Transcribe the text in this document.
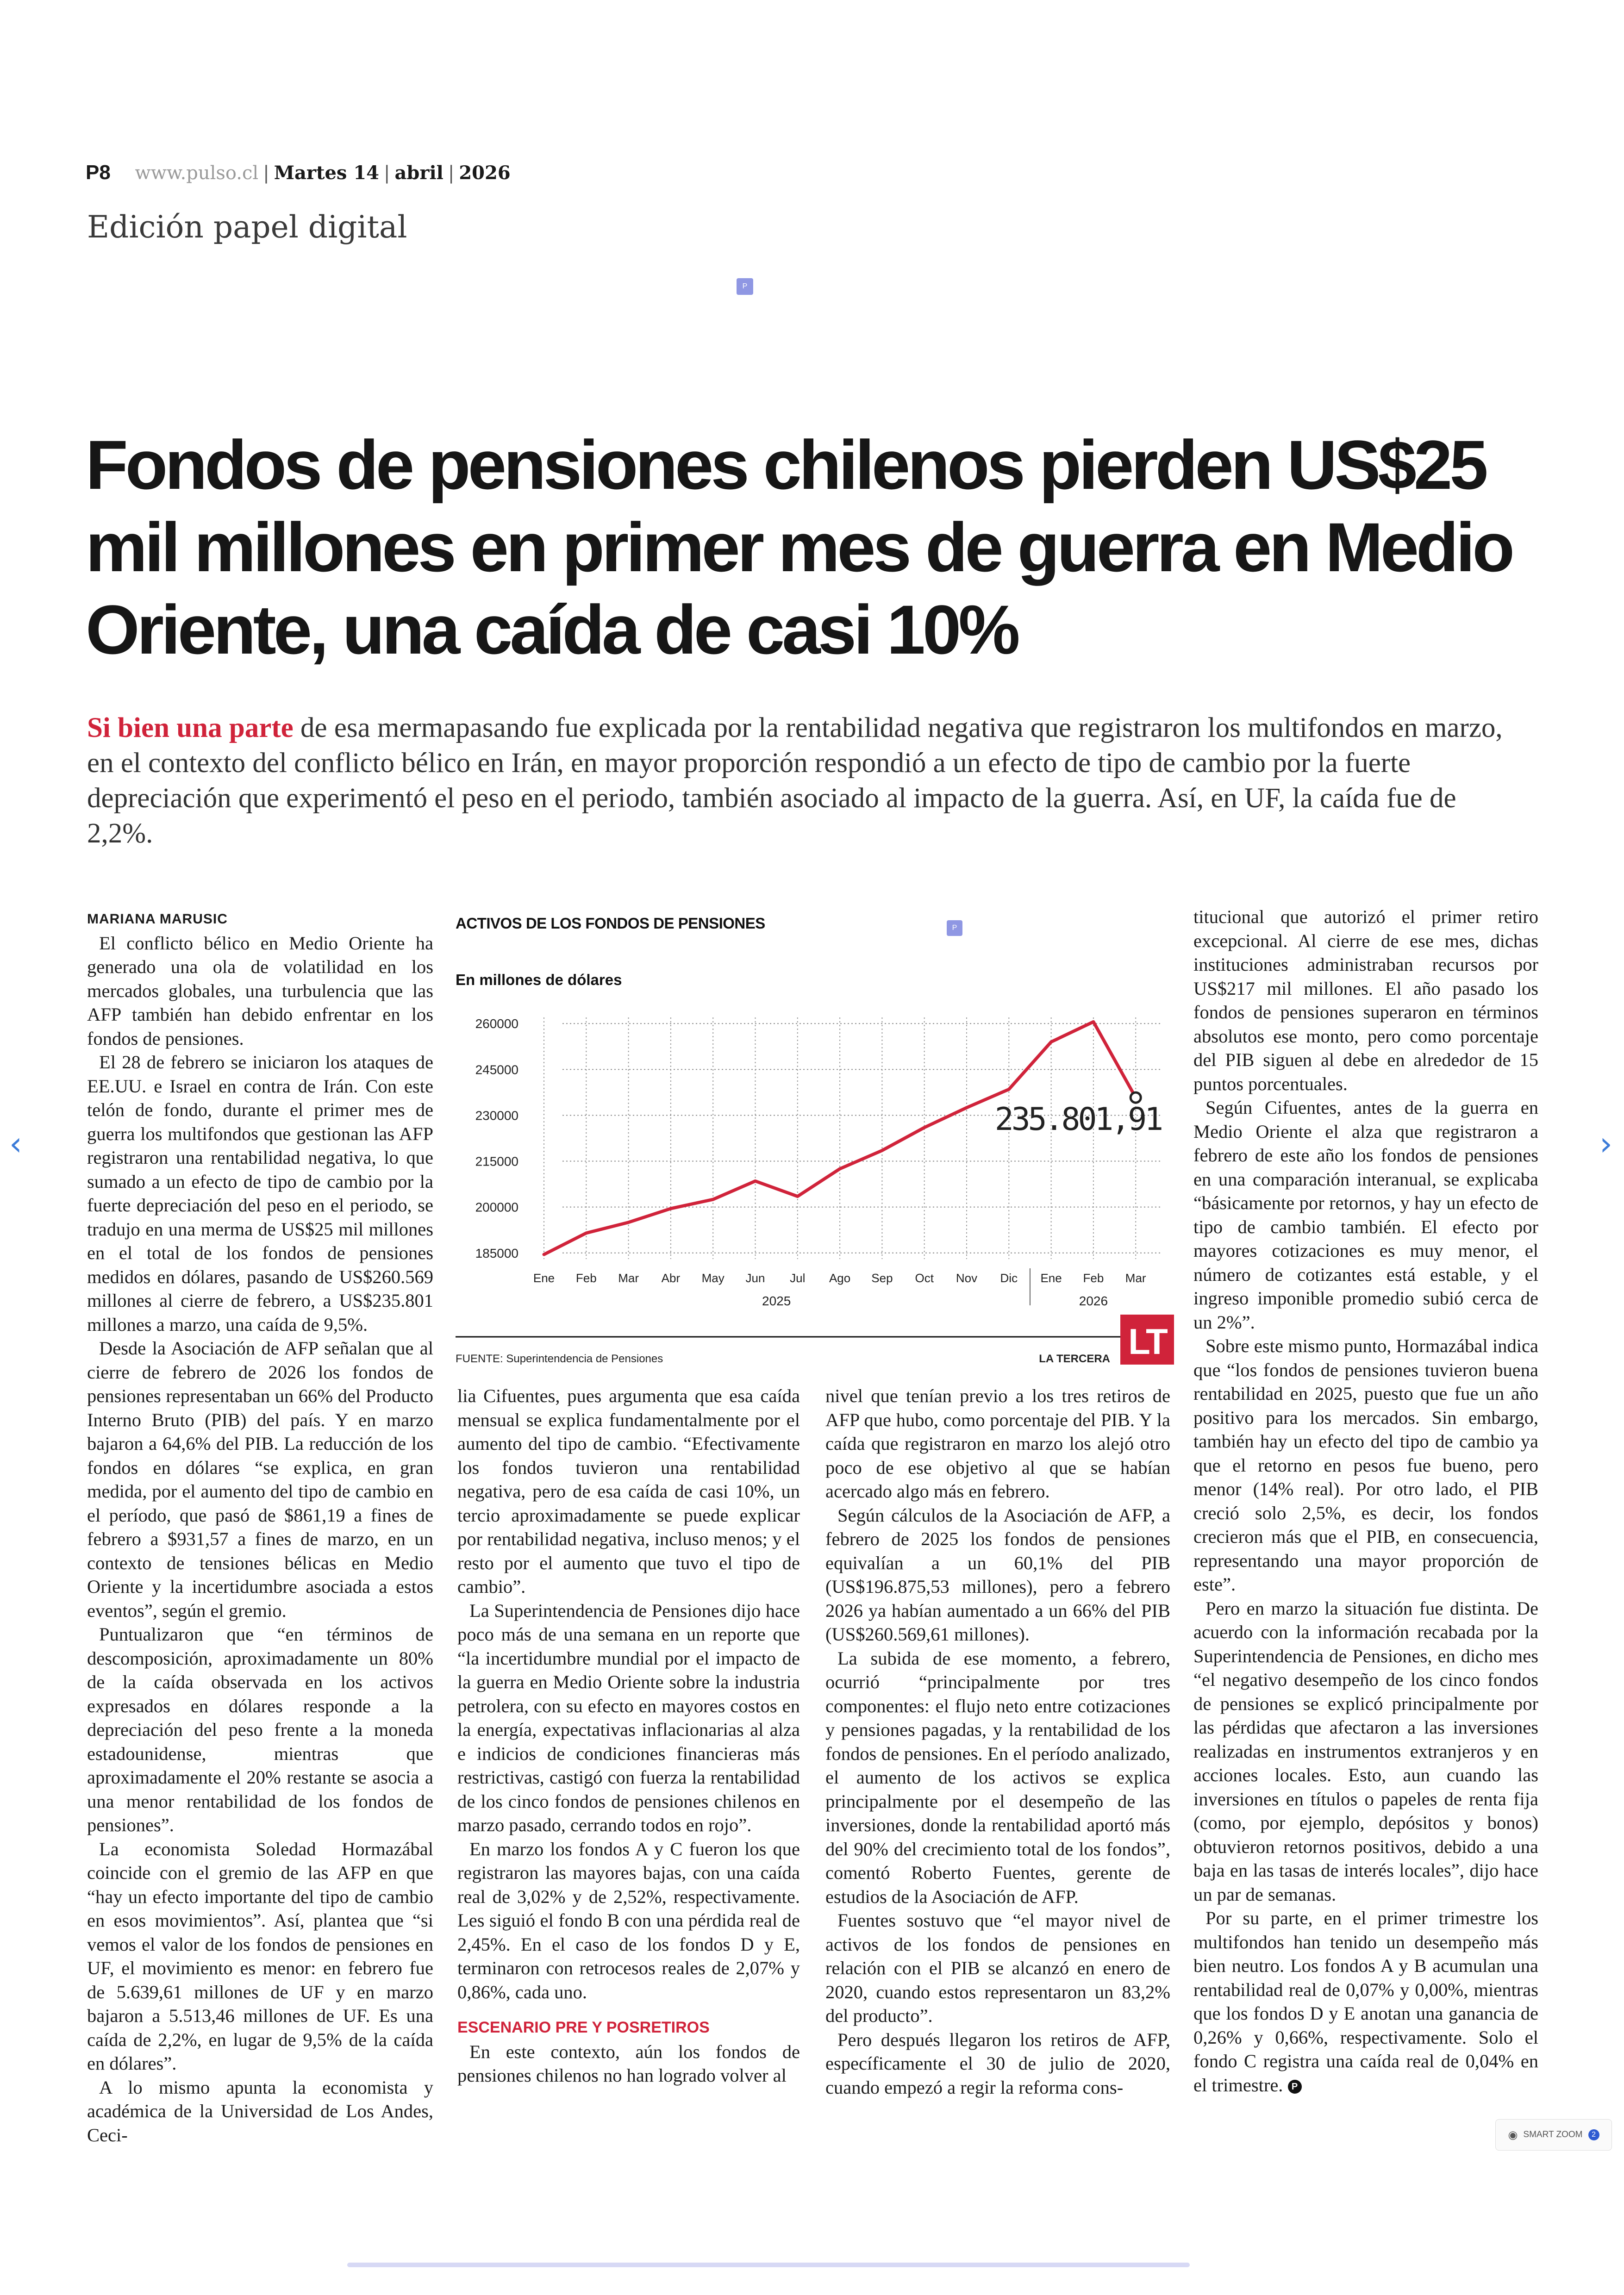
P8 www.pulso.cl | Martes 14 | abril | 2026
Edición papel digital
P
Fondos de pensiones chilenos pierden US$25 mil millones en primer mes de guerra en Medio Oriente, una caída de casi 10%
Si bien una parte de esa mermapasando fue explicada por la rentabilidad negativa que registraron los multifondos en marzo, en el contexto del conflicto bélico en Irán, en mayor proporción respondió a un efecto de tipo de cambio por la fuerte depreciación que experimentó el peso en el periodo, también asociado al impacto de la guerra. Así, en UF, la caída fue de 2,2%.

MARIANA MARUSIC

El conflicto bélico en Medio Oriente ha generado una ola de volatilidad en los mercados globales, una turbulencia que las AFP también han debido enfrentar en los fondos de pensiones.

El 28 de febrero se iniciaron los ataques de EE.UU. e Israel en contra de Irán. Con este telón de fondo, durante el primer mes de guerra los multifondos que gestionan las AFP registraron una rentabilidad negativa, lo que sumado a un efecto de tipo de cambio por la fuerte depreciación del peso en el periodo, se tradujo en una merma de US$25 mil millones en el total de los fondos de pensiones medidos en dólares, pasando de US$260.569 millones al cierre de febrero, a US$235.801 millones a marzo, una caída de 9,5%.

Desde la Asociación de AFP señalan que al cierre de febrero de 2026 los fondos de pensiones representaban un 66% del Producto Interno Bruto (PIB) del país. Y en marzo bajaron a 64,6% del PIB. La reducción de los fondos en dólares “se explica, en gran medida, por el aumento del tipo de cambio en el período, que pasó de $861,19 a fines de febrero a $931,57 a fines de marzo, en un contexto de tensiones bélicas en Medio Oriente y la incertidumbre asociada a estos eventos”, según el gremio.

Puntualizaron que “en términos de descomposición, aproximadamente un 80% de la caída observada en los activos expresados en dólares responde a la depreciación del peso frente a la moneda estadounidense, mientras que aproximadamente el 20% restante se asocia a una menor rentabilidad de los fondos de pensiones”.

La economista Soledad Hormazábal coincide con el gremio de las AFP en que “hay un efecto importante del tipo de cambio en esos movimientos”. Así, plantea que “si vemos el valor de los fondos de pensiones en UF, el movimiento es menor: en febrero fue de 5.639,61 millones de UF y en marzo bajaron a 5.513,46 millones de UF. Es una caída de 2,2%, en lugar de 9,5% de la caída en dólares”.

A lo mismo apunta la economista y académica de la Universidad de Los Andes, Ceci-

P
ACTIVOS DE LOS FONDOS DE PENSIONES
En millones de dólares
185000
200000
215000
230000
245000
260000
Ene Feb Mar Abr May Jun Jul Ago Sep Oct Nov Dic Ene Feb Mar
235.801,91
2025	2026
FUENTE: Superintendencia de Pensiones	LA TERCERA LT

lia Cifuentes, pues argumenta que esa caída mensual se explica fundamentalmente por el aumento del tipo de cambio. “Efectivamente los fondos tuvieron una rentabilidad negativa, pero de esa caída de casi 10%, un tercio aproximadamente se puede explicar por rentabilidad negativa, incluso menos; y el resto por el aumento que tuvo el tipo de cambio”.

La Superintendencia de Pensiones dijo hace poco más de una semana en un reporte que “la incertidumbre mundial por el impacto de la guerra en Medio Oriente sobre la industria petrolera, con su efecto en mayores costos en la energía, expectativas inflacionarias al alza e indicios de condiciones financieras más restrictivas, castigó con fuerza la rentabilidad de los cinco fondos de pensiones chilenos en marzo pasado, cerrando todos en rojo”.

En marzo los fondos A y C fueron los que registraron las mayores bajas, con una caída real de 3,02% y de 2,52%, respectivamente. Les siguió el fondo B con una pérdida real de 2,45%. En el caso de los fondos D y E, terminaron con retrocesos reales de 2,07% y 0,86%, cada uno.

ESCENARIO PRE Y POSRETIROS

En este contexto, aún los fondos de pensiones chilenos no han logrado volver al

nivel que tenían previo a los tres retiros de AFP que hubo, como porcentaje del PIB. Y la caída que registraron en marzo los alejó otro poco de ese objetivo al que se habían acercado algo más en febrero.

Según cálculos de la Asociación de AFP, a febrero de 2025 los fondos de pensiones equivalían a un 60,1% del PIB (US$196.875,53 millones), pero a febrero 2026 ya habían aumentado a un 66% del PIB (US$260.569,61 millones).

La subida de ese momento, a febrero, ocurrió “principalmente por tres componentes: el flujo neto entre cotizaciones y pensiones pagadas, y la rentabilidad de los fondos de pensiones. En el período analizado, el aumento de los activos se explica principalmente por el desempeño de las inversiones, donde la rentabilidad aportó más del 90% del crecimiento total de los fondos”, comentó Roberto Fuentes, gerente de estudios de la Asociación de AFP.

Fuentes sostuvo que “el mayor nivel de activos de los fondos de pensiones en relación con el PIB se alcanzó en enero de 2020, cuando estos representaron un 83,2% del producto”.

Pero después llegaron los retiros de AFP, específicamente el 30 de julio de 2020, cuando empezó a regir la reforma cons-

titucional que autorizó el primer retiro excepcional. Al cierre de ese mes, dichas instituciones administraban recursos por US$217 mil millones. El año pasado los fondos de pensiones superaron en términos absolutos ese monto, pero como porcentaje del PIB siguen al debe en alrededor de 15 puntos porcentuales.

Según Cifuentes, antes de la guerra en Medio Oriente el alza que registraron a febrero de este año los fondos de pensiones en una comparación interanual, se explicaba “básicamente por retornos, y hay un efecto de tipo de cambio también. El efecto por mayores cotizaciones es muy menor, el número de cotizantes está estable, y el ingreso imponible promedio subió cerca de un 2%”.

Sobre este mismo punto, Hormazábal indica que “los fondos de pensiones tuvieron buena rentabilidad en 2025, puesto que fue un año positivo para los mercados. Sin embargo, también hay un efecto del tipo de cambio ya que el retorno en pesos fue bueno, pero menor (14% real). Por otro lado, el PIB creció solo 2,5%, es decir, los fondos crecieron más que el PIB, en consecuencia, representando una mayor proporción de este”.

Pero en marzo la situación fue distinta. De acuerdo con la información recabada por la Superintendencia de Pensiones, en dicho mes “el negativo desempeño de los cinco fondos de pensiones se explicó principalmente por las pérdidas que afectaron a las inversiones realizadas en instrumentos extranjeros y en acciones locales. Esto, aun cuando las inversiones en títulos o papeles de renta fija (como, por ejemplo, depósitos y bonos) obtuvieron retornos positivos, debido a una baja en las tasas de interés locales”, dijo hace un par de semanas.

Por su parte, en el primer trimestre los multifondos han tenido un desempeño más bien neutro. Los fondos A y B acumulan una rentabilidad real de 0,07% y 0,00%, mientras que los fondos D y E anotan una ganancia de 0,26% y 0,66%, respectivamente. Solo el fondo C registra una caída real de 0,04% en el trimestre. P

‹	›
◉ SMART ZOOM	2
